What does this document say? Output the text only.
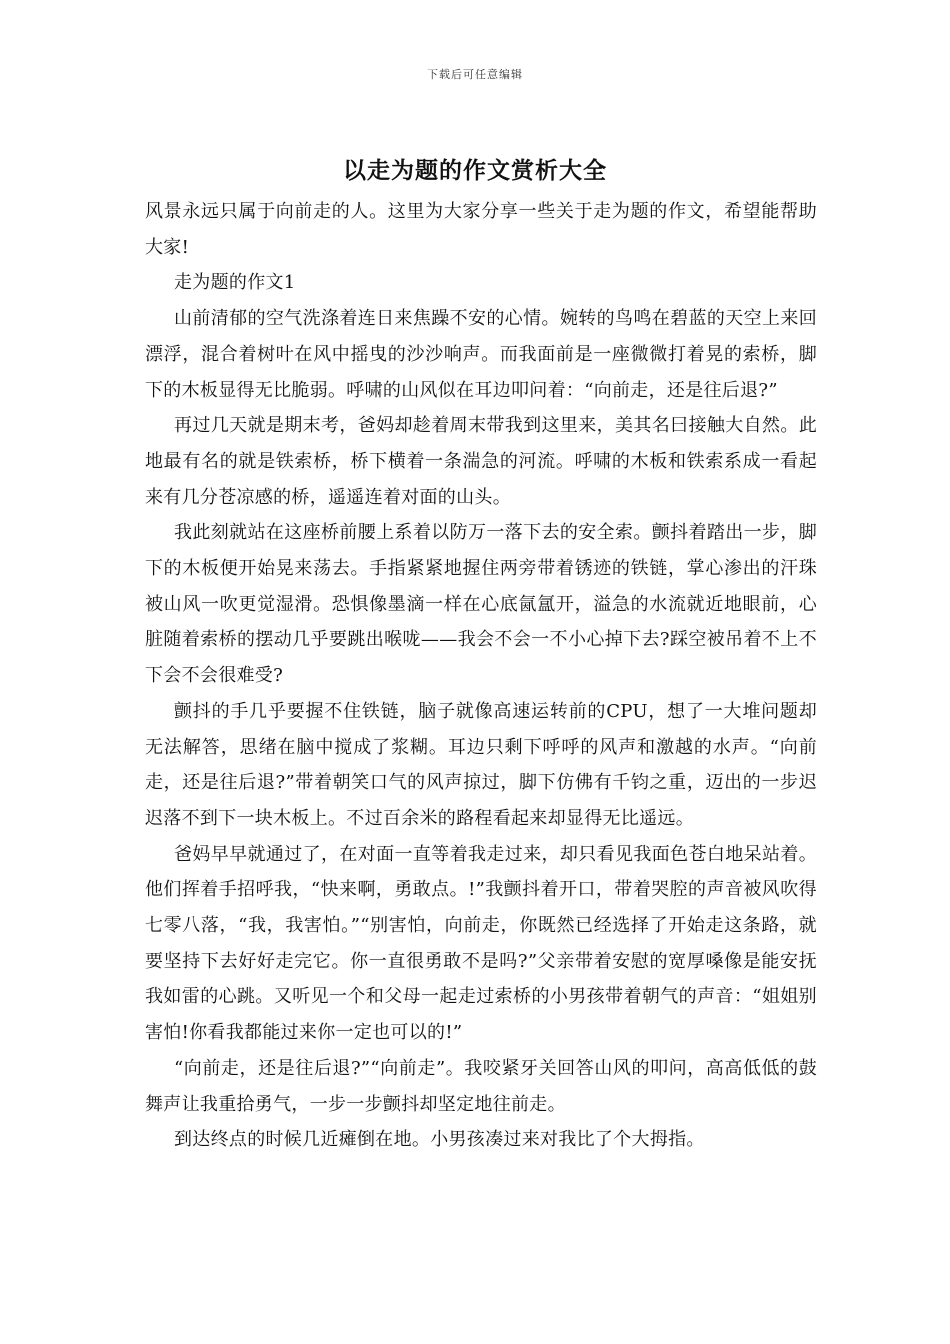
下载后可任意编辑
以走为题的作文赏析大全

风景永远只属于向前走的人。这里为大家分享一些关于走为题的作文，希望能帮助大家!

走为题的作文1

山前清郁的空气洗涤着连日来焦躁不安的心情。婉转的鸟鸣在碧蓝的天空上来回漂浮，混合着树叶在风中摇曳的沙沙响声。而我面前是一座微微打着晃的索桥，脚下的木板显得无比脆弱。呼啸的山风似在耳边叩问着：“向前走，还是往后退?”

再过几天就是期末考，爸妈却趁着周末带我到这里来，美其名曰接触大自然。此地最有名的就是铁索桥，桥下横着一条湍急的河流。呼啸的木板和铁索系成一看起来有几分苍凉感的桥，遥遥连着对面的山头。

我此刻就站在这座桥前腰上系着以防万一落下去的安全索。颤抖着踏出一步，脚下的木板便开始晃来荡去。手指紧紧地握住两旁带着锈迹的铁链，掌心渗出的汗珠被山风一吹更觉湿滑。恐惧像墨滴一样在心底氤氲开，溢急的水流就近地眼前，心脏随着索桥的摆动几乎要跳出喉咙——我会不会一不小心掉下去?踩空被吊着不上不下会不会很难受?

颤抖的手几乎要握不住铁链，脑子就像高速运转前的CPU，想了一大堆问题却无法解答，思绪在脑中搅成了浆糊。耳边只剩下呼呼的风声和激越的水声。“向前走，还是往后退?”带着朝笑口气的风声掠过，脚下仿佛有千钧之重，迈出的一步迟迟落不到下一块木板上。不过百余米的路程看起来却显得无比遥远。

爸妈早早就通过了，在对面一直等着我走过来，却只看见我面色苍白地呆站着。他们挥着手招呼我，“快来啊，勇敢点。!”我颤抖着开口，带着哭腔的声音被风吹得七零八落，“我，我害怕。”“别害怕，向前走，你既然已经选择了开始走这条路，就要坚持下去好好走完它。你一直很勇敢不是吗?”父亲带着安慰的宽厚嗓像是能安抚我如雷的心跳。又听见一个和父母一起走过索桥的小男孩带着朝气的声音：“姐姐别害怕!你看我都能过来你一定也可以的!”

“向前走，还是往后退?”“向前走”。我咬紧牙关回答山风的叩问，高高低低的鼓舞声让我重拾勇气，一步一步颤抖却坚定地往前走。

到达终点的时候几近瘫倒在地。小男孩凑过来对我比了个大拇指。
